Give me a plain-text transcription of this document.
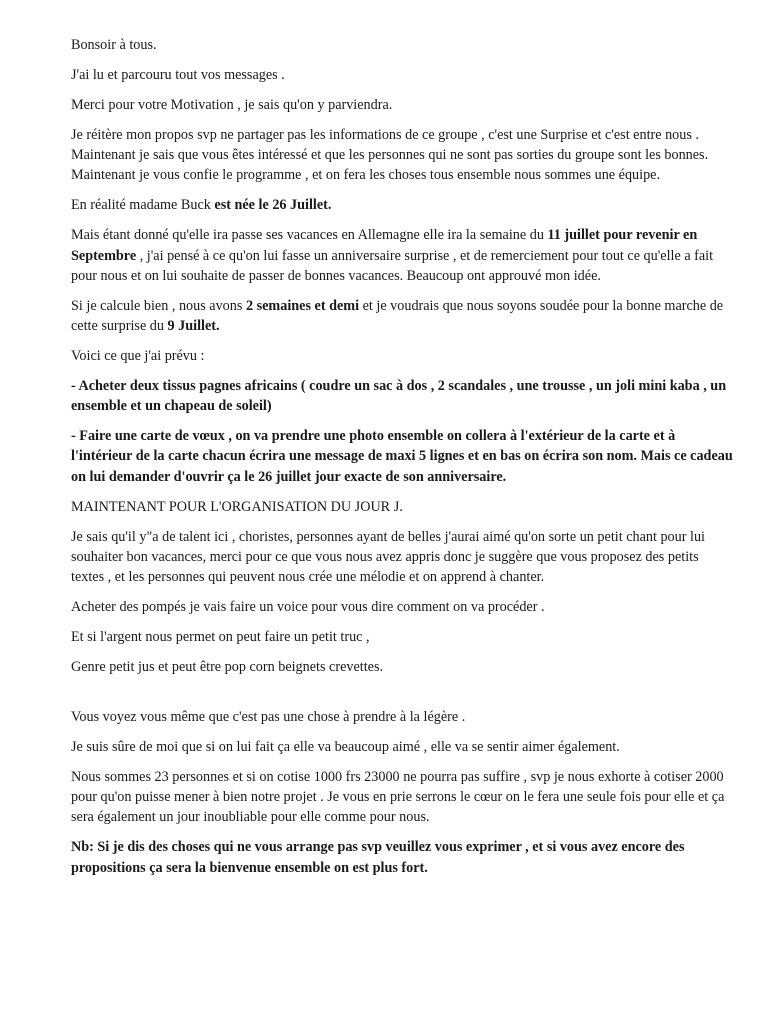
Bonsoir à tous.

J'ai lu et parcouru tout vos messages .

Merci pour votre Motivation , je sais qu'on y parviendra.

Je réitère mon propos svp ne partager pas les informations de ce groupe , c'est une Surprise et c'est entre nous . Maintenant je sais que vous êtes intéressé et que les personnes qui ne sont pas sorties du groupe sont les bonnes. Maintenant je vous confie le programme , et on fera les choses tous ensemble nous sommes une équipe.

En réalité madame Buck est née le 26 Juillet.

Mais étant donné qu'elle ira passe ses vacances en Allemagne elle ira la semaine du 11 juillet pour revenir en Septembre , j'ai pensé à ce qu'on lui fasse un anniversaire surprise , et de remerciement pour tout ce qu'elle a fait pour nous et on lui souhaite de passer de bonnes vacances. Beaucoup ont approuvé mon idée.

Si je calcule bien , nous avons 2 semaines et demi et je voudrais que nous soyons soudée pour la bonne marche de cette surprise du 9 Juillet.

Voici ce que j'ai prévu :

- Acheter deux tissus pagnes africains ( coudre un sac à dos , 2 scandales , une trousse , un joli mini kaba , un ensemble et un chapeau de soleil)

- Faire une carte de vœux , on va prendre une photo ensemble on collera à l'extérieur de la carte et à l'intérieur de la carte chacun écrira une message de maxi 5 lignes et en bas on écrira son nom. Mais ce cadeau on lui demander d'ouvrir ça le 26 juillet jour exacte de son anniversaire.

MAINTENANT POUR L'ORGANISATION DU JOUR J.

Je sais qu'il y"a de talent ici , choristes, personnes ayant de belles j'aurai aimé qu'on sorte un petit chant pour lui souhaiter bon vacances, merci pour ce que vous nous avez appris donc je suggère que vous proposez des petits textes , et les personnes qui peuvent nous crée une mélodie et on apprend à chanter.

Acheter des pompés je vais faire un voice pour vous dire comment on va procéder .

Et si l'argent nous permet on peut faire un petit truc ,

Genre petit jus et peut être pop corn beignets crevettes.

Vous voyez vous même que c'est pas une chose à prendre à la légère .

Je suis sûre de moi que si on lui fait ça elle va beaucoup aimé , elle va se sentir aimer également.

Nous sommes 23 personnes et si on cotise 1000 frs 23000 ne pourra pas suffire , svp je nous exhorte à cotiser 2000 pour qu'on puisse mener à bien notre projet . Je vous en prie serrons le cœur on le fera une seule fois pour elle et ça sera également un jour inoubliable pour elle comme pour nous.

Nb: Si je dis des choses qui ne vous arrange pas svp veuillez vous exprimer , et si vous avez encore des propositions ça sera la bienvenue ensemble on est plus fort.
